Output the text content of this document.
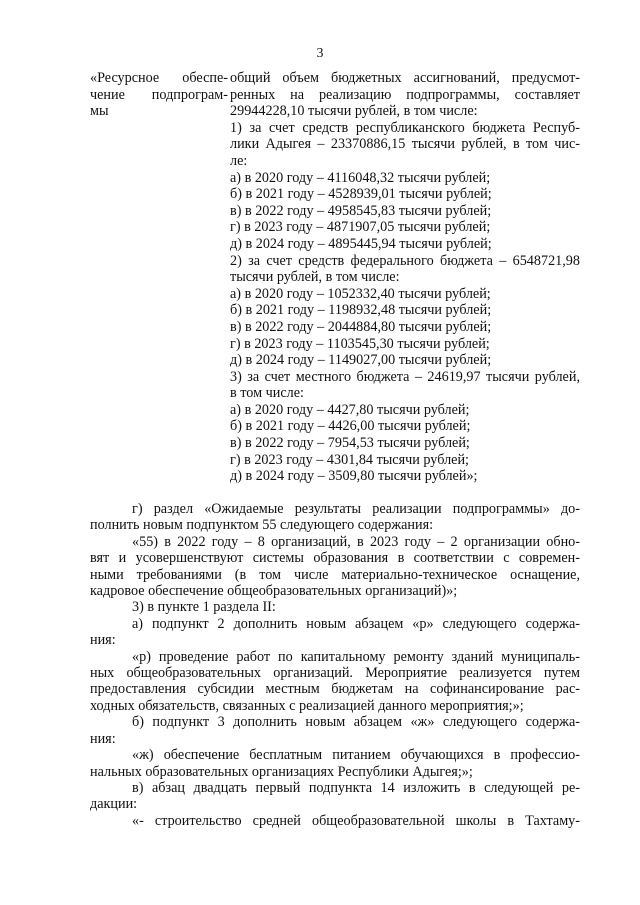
3
«Ресурсное обеспе-
чение подпрограм-
мы
общий объем бюджетных ассигнований, предусмот-
ренных на реализацию подпрограммы, составляет
29944228,10 тысячи рублей, в том числе:
1) за счет средств республиканского бюджета Респуб-
лики Адыгея – 23370886,15 тысячи рублей, в том чис-
ле:
а) в 2020 году – 4116048,32 тысячи рублей;
б) в 2021 году – 4528939,01 тысячи рублей;
в) в 2022 году – 4958545,83 тысячи рублей;
г) в 2023 году – 4871907,05 тысячи рублей;
д) в 2024 году – 4895445,94 тысячи рублей;
2) за счет средств федерального бюджета – 6548721,98
тысячи рублей, в том числе:
а) в 2020 году – 1052332,40 тысячи рублей;
б) в 2021 году – 1198932,48 тысячи рублей;
в) в 2022 году – 2044884,80 тысячи рублей;
г) в 2023 году – 1103545,30 тысячи рублей;
д) в 2024 году – 1149027,00 тысячи рублей;
3) за счет местного бюджета – 24619,97 тысячи рублей,
в том числе:
а) в 2020 году – 4427,80 тысячи рублей;
б) в 2021 году – 4426,00 тысячи рублей;
в) в 2022 году – 7954,53 тысячи рублей;
г) в 2023 году – 4301,84 тысячи рублей;
д) в 2024 году – 3509,80 тысячи рублей»;
г) раздел «Ожидаемые результаты реализации подпрограммы» до-
полнить новым подпунктом 55 следующего содержания:
«55) в 2022 году – 8 организаций, в 2023 году – 2 организации обно-
вят и усовершенствуют системы образования в соответствии с современ-
ными требованиями (в том числе материально-техническое оснащение,
кадровое обеспечение общеобразовательных организаций)»;
3) в пункте 1 раздела II:
а) подпункт 2 дополнить новым абзацем «р» следующего содержа-
ния:
«р) проведение работ по капитальному ремонту зданий муниципаль-
ных общеобразовательных организаций. Мероприятие реализуется путем
предоставления субсидии местным бюджетам на софинансирование рас-
ходных обязательств, связанных с реализацией данного мероприятия;»;
б) подпункт 3 дополнить новым абзацем «ж» следующего содержа-
ния:
«ж) обеспечение бесплатным питанием обучающихся в профессио-
нальных образовательных организациях Республики Адыгея;»;
в) абзац двадцать первый подпункта 14 изложить в следующей ре-
дакции:
«- строительство средней общеобразовательной школы в Тахтаму-
